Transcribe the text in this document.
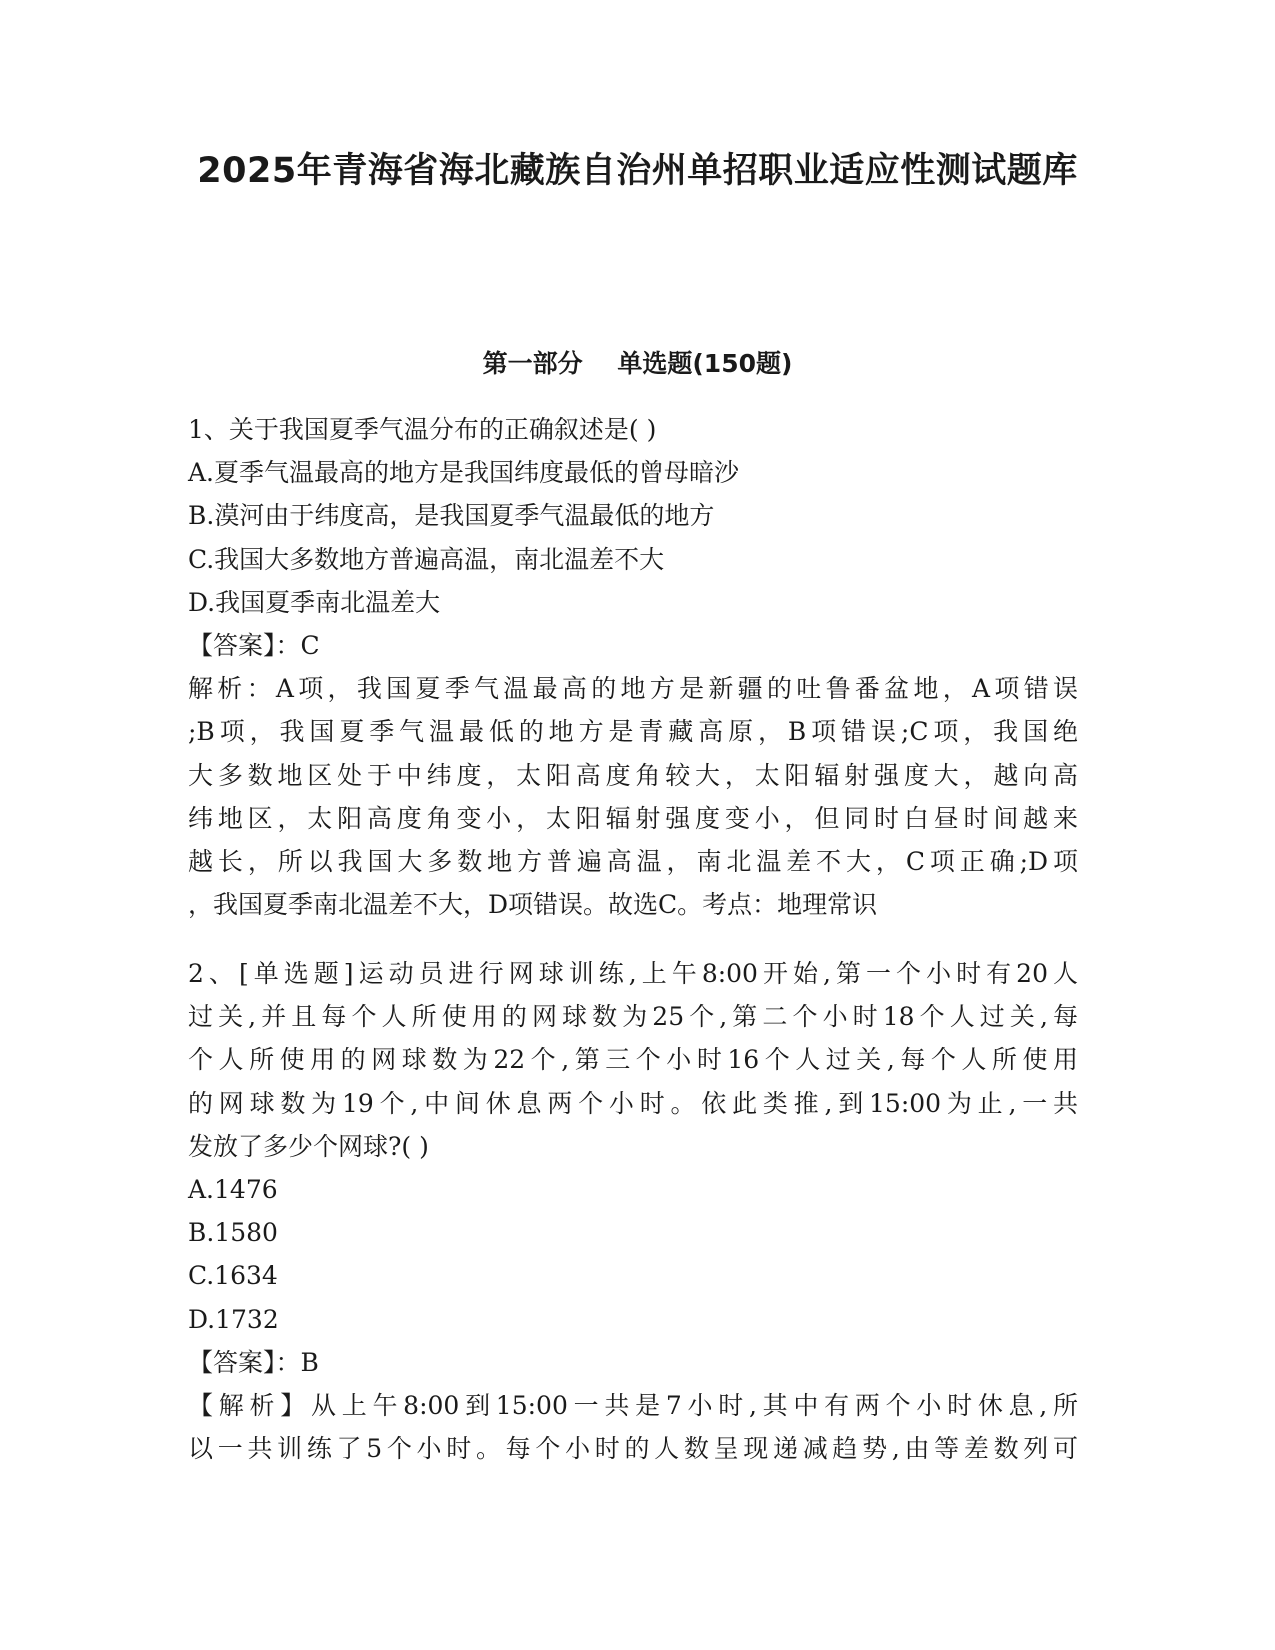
2025年青海省海北藏族自治州单招职业适应性测试题库
第一部分    单选题(150题)
1、关于我国夏季气温分布的正确叙述是( )
A.夏季气温最高的地方是我国纬度最低的曾母暗沙
B.漠河由于纬度高，是我国夏季气温最低的地方
C.我国大多数地方普遍高温，南北温差不大
D.我国夏季南北温差大
【答案】：C
解析：A项，我国夏季气温最高的地方是新疆的吐鲁番盆地，A项错误
;B项，我国夏季气温最低的地方是青藏高原，B项错误;C项，我国绝
大多数地区处于中纬度，太阳高度角较大，太阳辐射强度大，越向高
纬地区，太阳高度角变小，太阳辐射强度变小，但同时白昼时间越来
越长，所以我国大多数地方普遍高温，南北温差不大，C项正确;D项
，我国夏季南北温差不大，D项错误。故选C。考点：地理常识
2、[单选题]运动员进行网球训练,上午8:00开始,第一个小时有20人
过关,并且每个人所使用的网球数为25个,第二个小时18个人过关,每
个人所使用的网球数为22个,第三个小时16个人过关,每个人所使用
的网球数为19个,中间休息两个小时。依此类推,到15:00为止,一共
发放了多少个网球?( )
A.1476
B.1580
C.1634
D.1732
【答案】：B
【解析】从上午8:00到15:00一共是7小时,其中有两个小时休息,所
以一共训练了5个小时。每个小时的人数呈现递减趋势,由等差数列可
